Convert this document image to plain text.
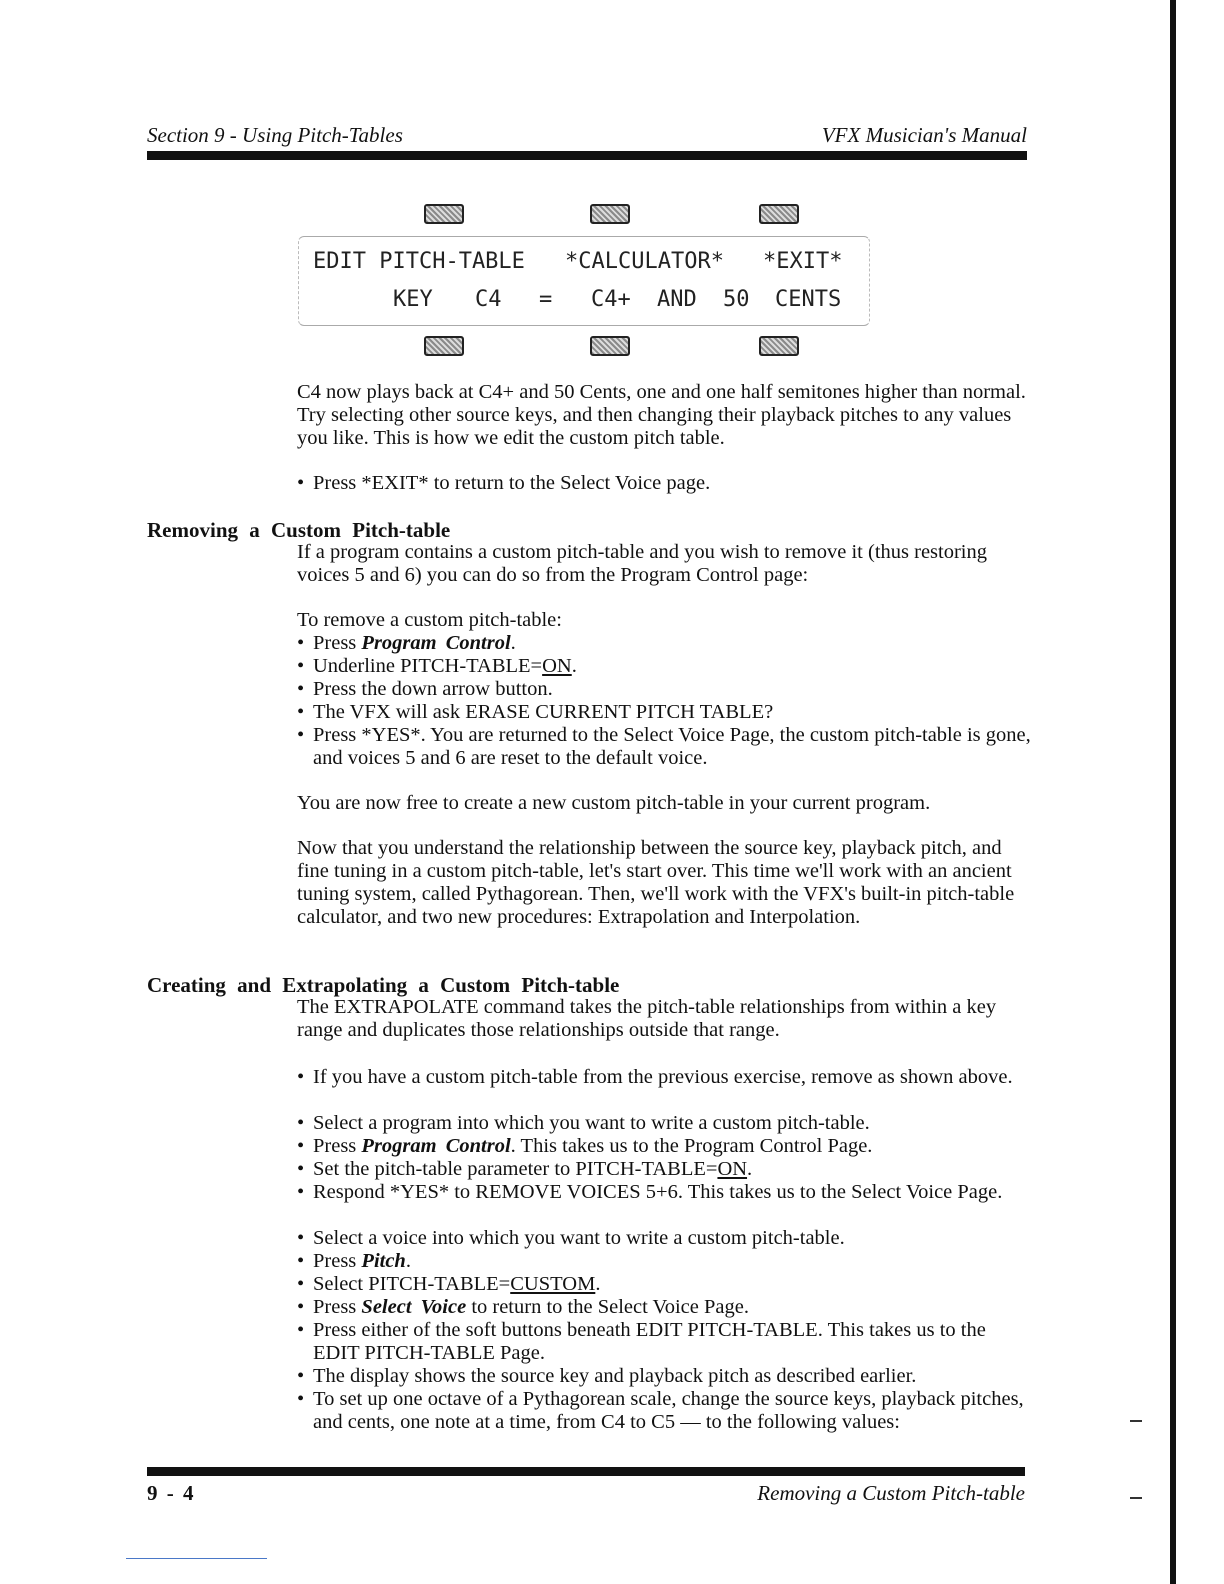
Section 9 - Using Pitch-Tables	VFX Musician's Manual
EDIT PITCH-TABLE *CALCULATOR* *EXIT*
KEY C4 = C4+ AND 50 CENTS

C4 now plays back at C4+ and 50 Cents, one and one half semitones higher than normal. Try selecting other source keys, and then changing their playback pitches to any values you like. This is how we edit the custom pitch table.

• Press *EXIT* to return to the Select Voice page.
Removing a Custom Pitch-table

If a program contains a custom pitch-table and you wish to remove it (thus restoring voices 5 and 6) you can do so from the Program Control page:

To remove a custom pitch-table:

• Press Program Control.
• Underline PITCH-TABLE=ON.
• Press the down arrow button.
• The VFX will ask ERASE CURRENT PITCH TABLE?
• Press *YES*. You are returned to the Select Voice Page, the custom pitch-table is gone, and voices 5 and 6 are reset to the default voice.

You are now free to create a new custom pitch-table in your current program.

Now that you understand the relationship between the source key, playback pitch, and fine tuning in a custom pitch-table, let's start over. This time we'll work with an ancient tuning system, called Pythagorean. Then, we'll work with the VFX's built-in pitch-table calculator, and two new procedures: Extrapolation and Interpolation.

Creating and Extrapolating a Custom Pitch-table

The EXTRAPOLATE command takes the pitch-table relationships from within a key range and duplicates those relationships outside that range.

• If you have a custom pitch-table from the previous exercise, remove as shown above.
• Select a program into which you want to write a custom pitch-table.
• Press Program Control. This takes us to the Program Control Page.
• Set the pitch-table parameter to PITCH-TABLE=ON.
• Respond *YES* to REMOVE VOICES 5+6. This takes us to the Select Voice Page.
• Select a voice into which you want to write a custom pitch-table.
• Press Pitch.
• Select PITCH-TABLE=CUSTOM.
• Press Select Voice to return to the Select Voice Page.
• Press either of the soft buttons beneath EDIT PITCH-TABLE. This takes us to the EDIT PITCH-TABLE Page.
• The display shows the source key and playback pitch as described earlier.
• To set up one octave of a Pythagorean scale, change the source keys, playback pitches, and cents, one note at a time, from C4 to C5 — to the following values:
9 - 4	Removing a Custom Pitch-table
